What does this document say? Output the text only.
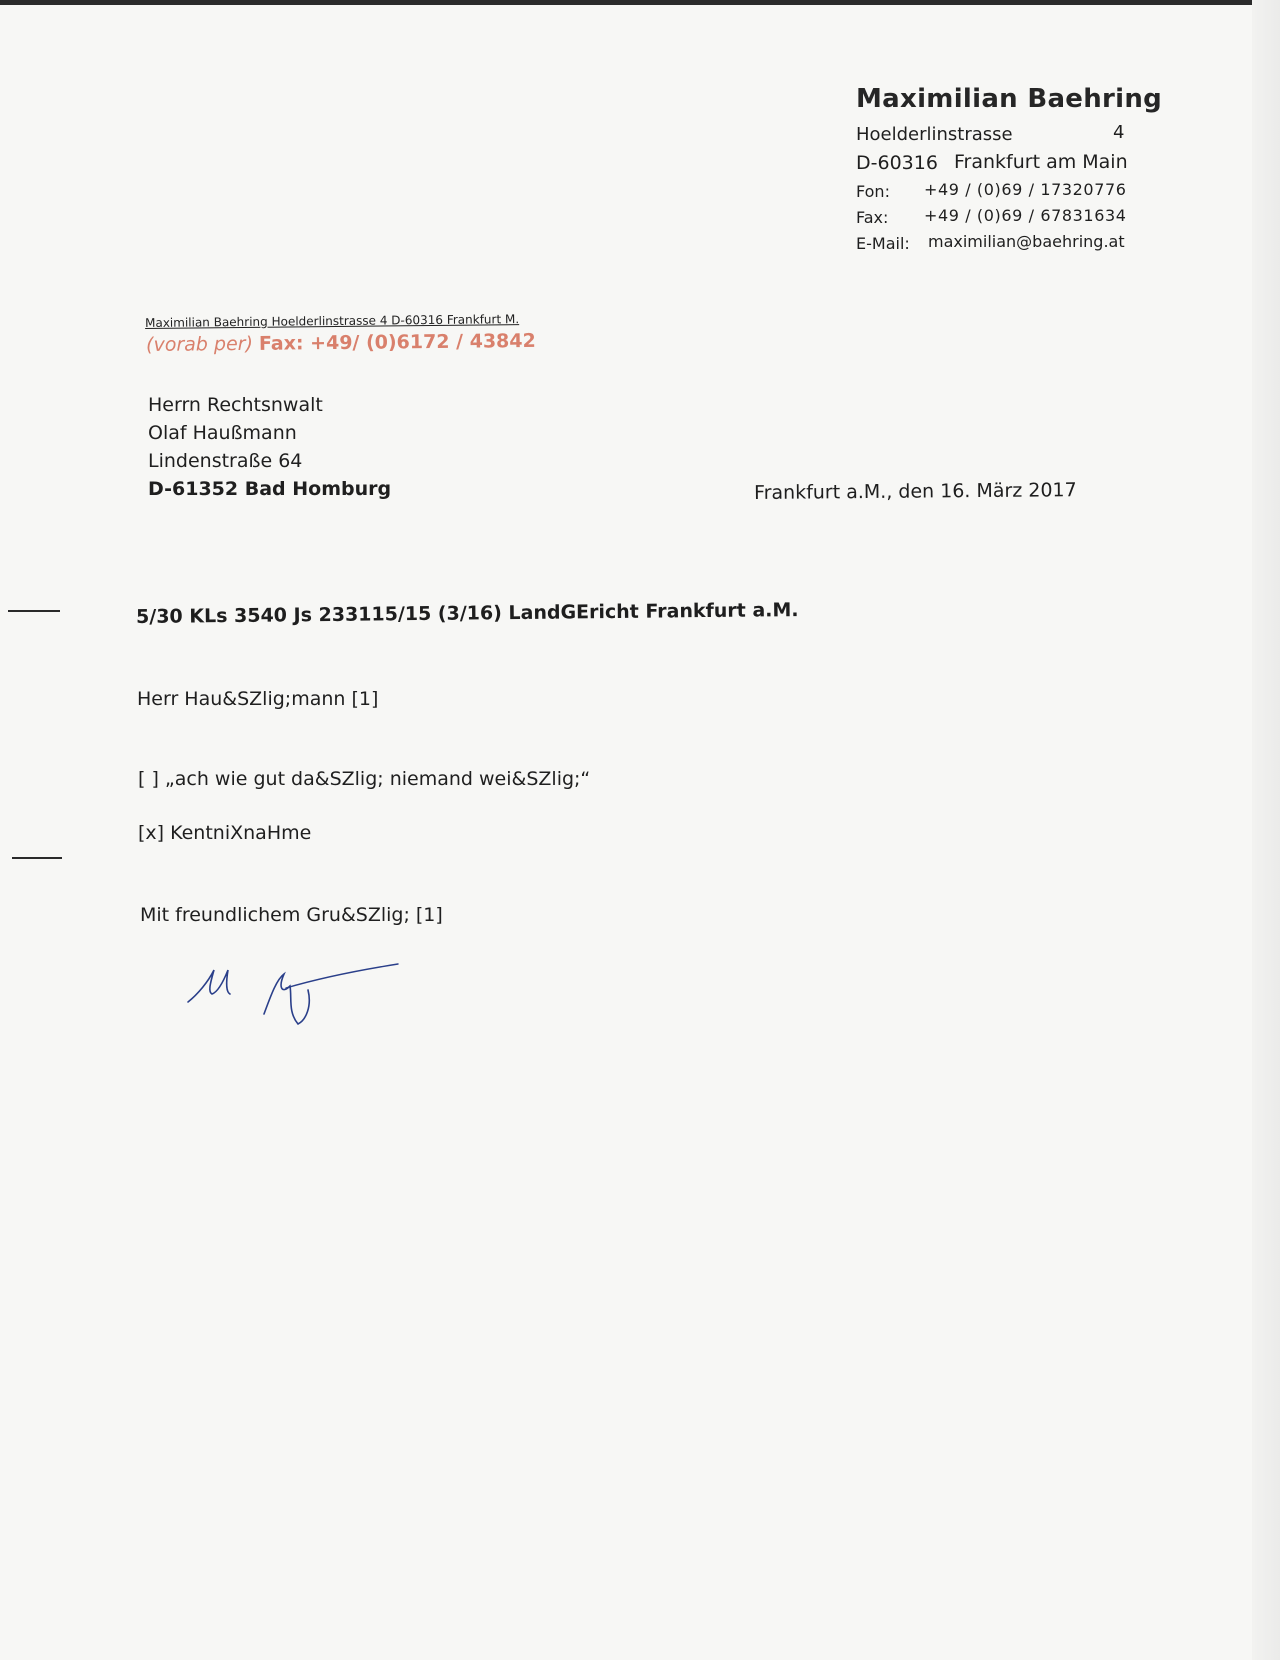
Maximilian Baehring
Hoelderlinstrasse	4
D-60316 Frankfurt am Main
Fon: +49 / (0)69 / 17320776
Fax: +49 / (0)69 / 67831634
E-Mail: maximilian@baehring.at
Maximilian Baehring Hoelderlinstrasse 4 D-60316 Frankfurt M.
(vorab per) Fax: +49/ (0)6172 / 43842
Herrn Rechtsnwalt
Olaf Haußmann
Lindenstraße 64
D-61352 Bad Homburg	Frankfurt a.M., den 16. März 2017
5/30 KLs 3540 Js 233115/15 (3/16) LandGEricht Frankfurt a.M.
Herr Hau&SZlig;mann [1]
[ ] „ach wie gut da&SZlig; niemand wei&SZlig;“
[x] KentniXnaHme
Mit freundlichem Gru&SZlig; [1]
